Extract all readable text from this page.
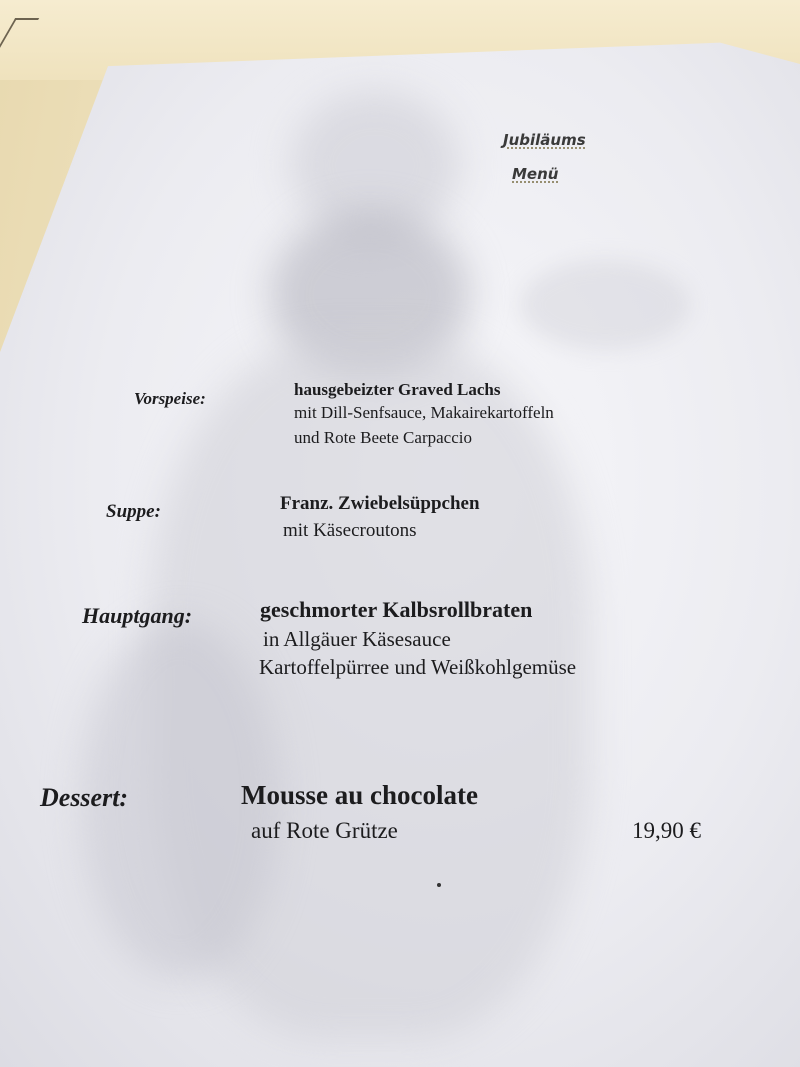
Jubiläums
Menü
Vorspeise:	hausgebeizter Graved Lachs
mit Dill-Senfsauce, Makairekartoffeln
und Rote Beete Carpaccio
Suppe:	Franz. Zwiebelsüppchen
mit Käsecroutons
Hauptgang:	geschmorter Kalbsrollbraten
in Allgäuer Käsesauce
Kartoffelpürree und Weißkohlgemüse
Dessert:	Mousse au chocolate
auf Rote Grütze	19,90 €
